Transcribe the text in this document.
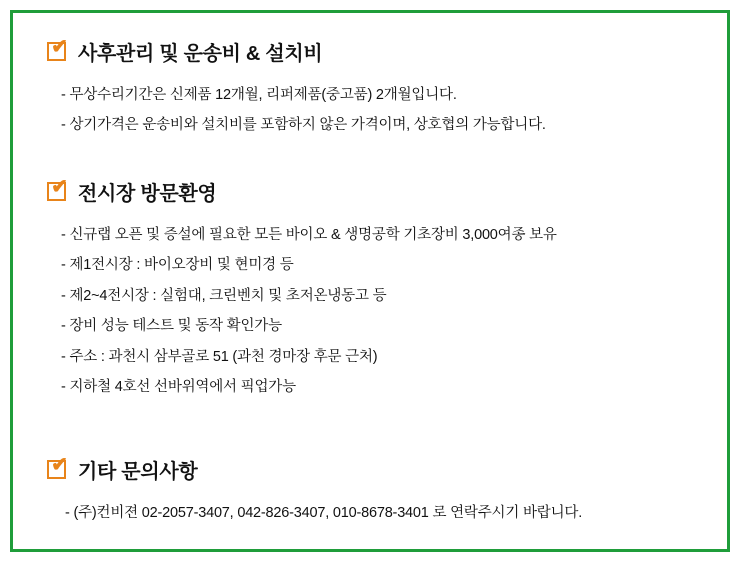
✔ 사후관리 및 운송비 & 설치비
- 무상수리기간은 신제품 12개월, 리퍼제품(중고품) 2개월입니다.
- 상기가격은 운송비와 설치비를 포함하지 않은 가격이며, 상호협의 가능합니다.
✔ 전시장 방문환영
- 신규랩 오픈 및 증설에 필요한 모든 바이오 & 생명공학 기초장비 3,000여종 보유
- 제1전시장 : 바이오장비 및 현미경 등
- 제2~4전시장 : 실험대, 크린벤치 및 초저온냉동고 등
- 장비 성능 테스트 및 동작 확인가능
- 주소 : 과천시 삼부골로 51 (과천 경마장 후문 근처)
- 지하철 4호선 선바위역에서 픽업가능
✔ 기타 문의사항
- (주)컨비젼 02-2057-3407, 042-826-3407, 010-8678-3401 로 연락주시기 바랍니다.
